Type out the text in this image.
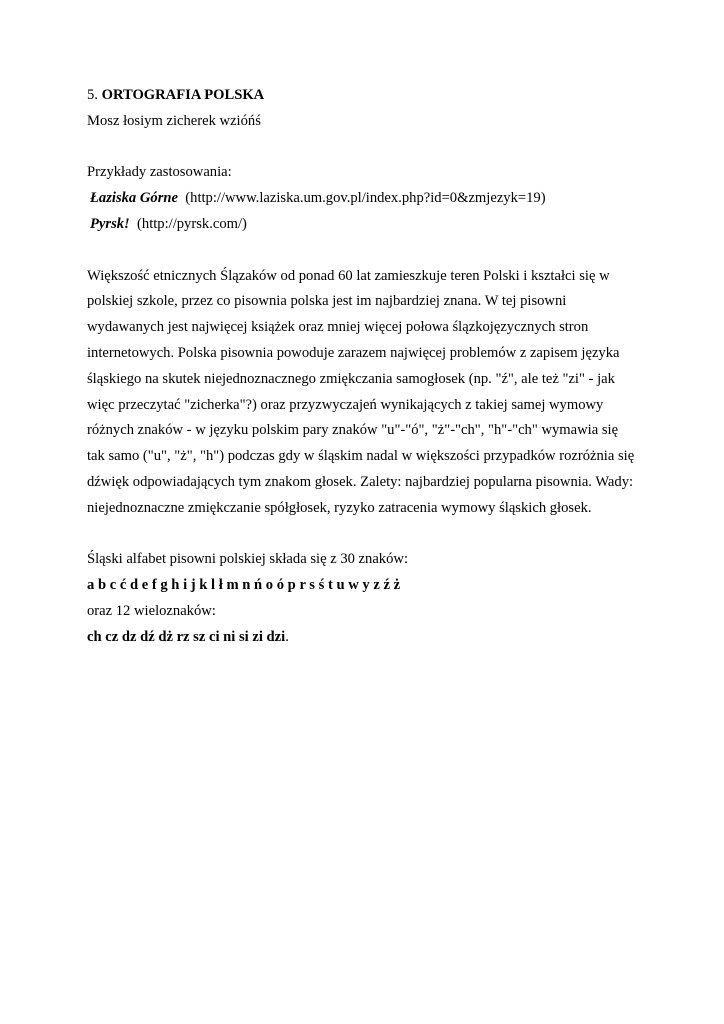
5. ORTOGRAFIA POLSKA
Mosz łosiym zicherek wzióńś
Przykłady zastosowania:
Łaziska Górne (http://www.laziska.um.gov.pl/index.php?id=0&zmjezyk=19)
Pyrsk! (http://pyrsk.com/)
Większość etnicznych Ślązaków od ponad 60 lat zamieszkuje teren Polski i kształci się w
polskiej szkole, przez co pisownia polska jest im najbardziej znana. W tej pisowni
wydawanych jest najwięcej książek oraz mniej więcej połowa ślązkojęzycznych stron
internetowych. Polska pisownia powoduje zarazem najwięcej problemów z zapisem języka
śląskiego na skutek niejednoznacznego zmiękczania samogłosek (np. "ź", ale też "zi" - jak
więc przeczytać "zicherka"?) oraz przyzwyczajeń wynikających z takiej samej wymowy
różnych znaków - w języku polskim pary znaków "u"-"ó", "ż"-"ch", "h"-"ch" wymawia się
tak samo ("u", "ż", "h") podczas gdy w śląskim nadal w większości przypadków rozróżnia się
dźwięk odpowiadających tym znakom głosek. Zalety: najbardziej popularna pisownia. Wady:
niejednoznaczne zmiękczanie spółgłosek, ryzyko zatracenia wymowy śląskich głosek.
Śląski alfabet pisowni polskiej składa się z 30 znaków:
a b c ć d e f g h i j k l ł m n ń o ó p r s ś t u w y z ź ż
oraz 12 wieloznaków:
ch cz dz dź dż rz sz ci ni si zi dzi.
